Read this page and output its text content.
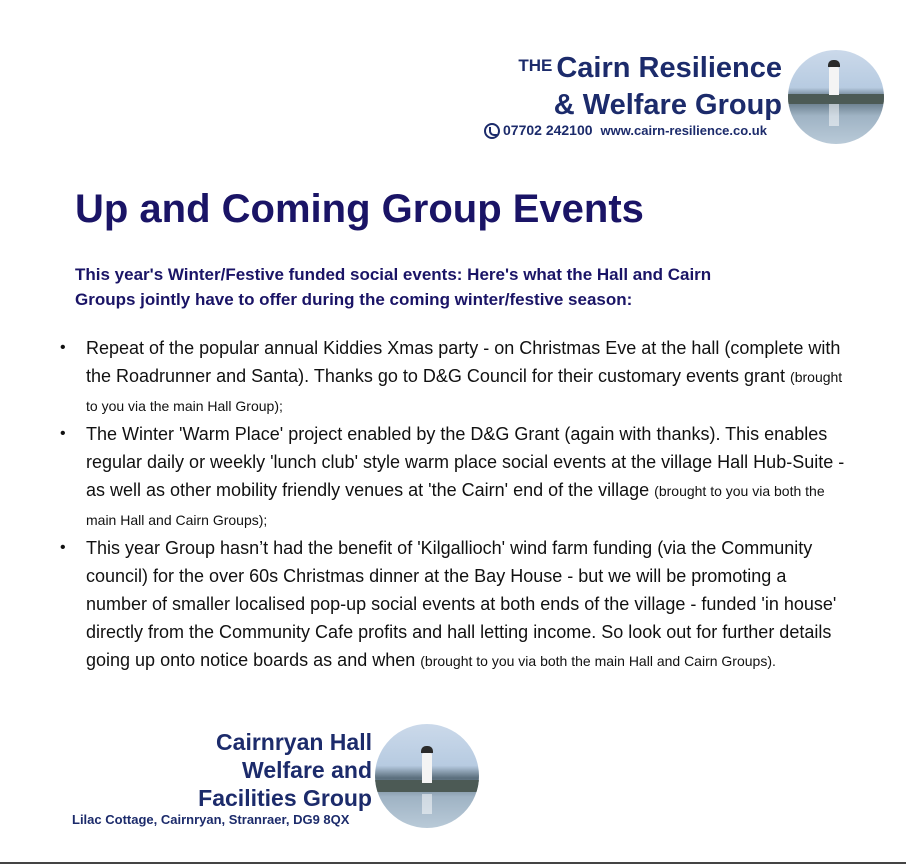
THE Cairn Resilience
& Welfare Group
07702 242100 www.cairn-resilience.co.uk
Up and Coming Group Events

This year's Winter/Festive funded social events: Here's what the Hall and Cairn Groups jointly have to offer during the coming winter/festive season:

• Repeat of the popular annual Kiddies Xmas party - on Christmas Eve at the hall (complete with the Roadrunner and Santa). Thanks go to D&G Council for their customary events grant (brought to you via the main Hall Group);
• The Winter 'Warm Place' project enabled by the D&G Grant (again with thanks). This enables regular daily or weekly 'lunch club' style warm place social events at the village Hall Hub-Suite - as well as other mobility friendly venues at 'the Cairn' end of the village (brought to you via both the main Hall and Cairn Groups);
• This year Group hasn’t had the benefit of 'Kilgallioch' wind farm funding (via the Community council) for the over 60s Christmas dinner at the Bay House - but we will be promoting a number of smaller localised pop-up social events at both ends of the village - funded 'in house' directly from the Community Cafe profits and hall letting income. So look out for further details going up onto notice boards as and when (brought to you via both the main Hall and Cairn Groups).
Cairnryan Hall
Welfare and
Facilities Group
Lilac Cottage, Cairnryan, Stranraer, DG9 8QX
